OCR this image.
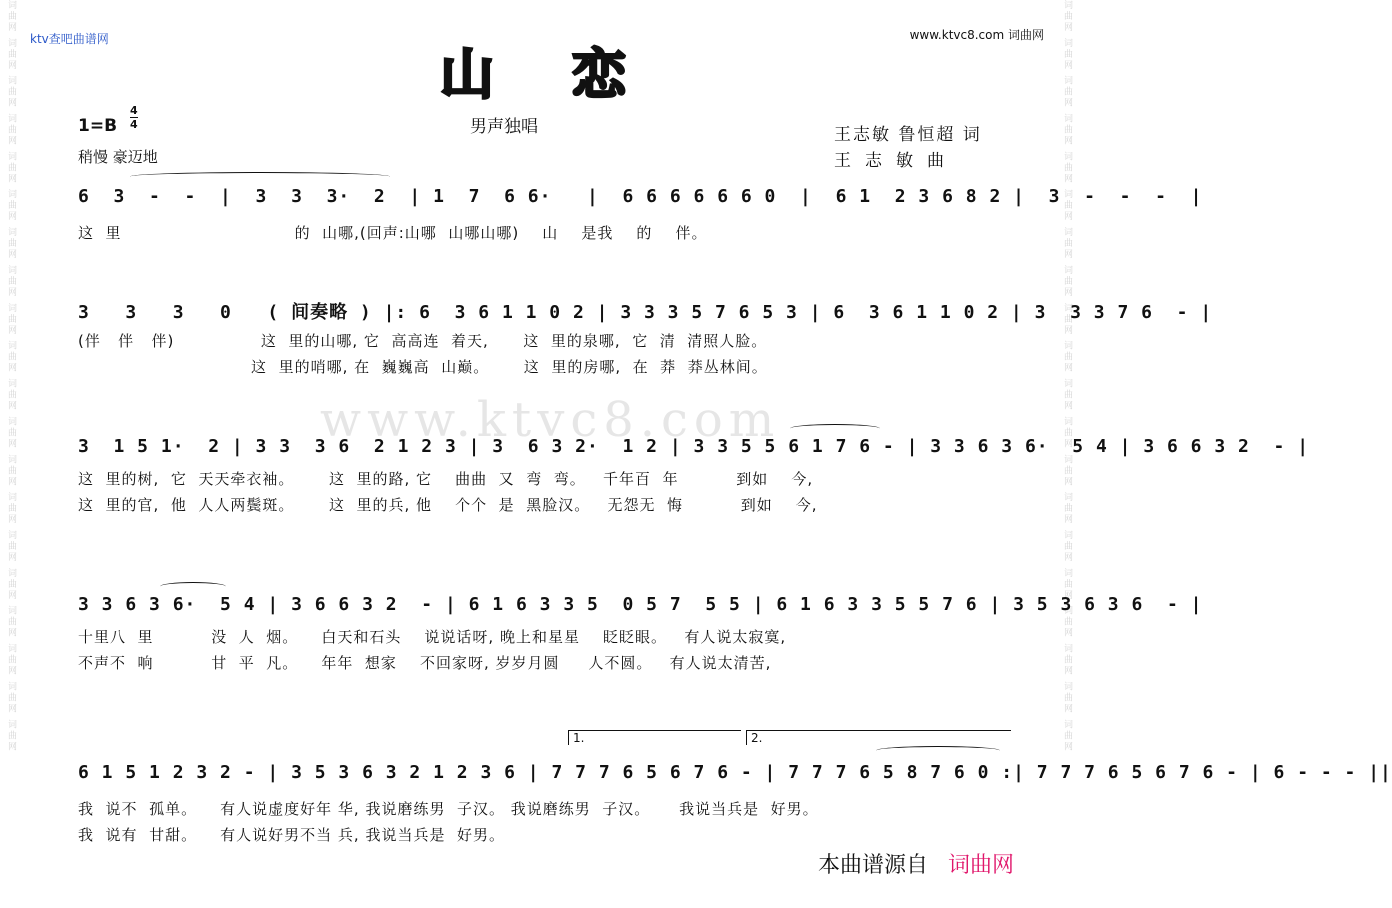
词曲网 词曲网 词曲网 词曲网 词曲网 词曲网 词曲网 词曲网 词曲网 词曲网 词曲网 词曲网 词曲网 词曲网 词曲网 词曲网 词曲网 词曲网 词曲网 词曲网	词曲网 词曲网 词曲网 词曲网 词曲网 词曲网 词曲网 词曲网 词曲网 词曲网 词曲网 词曲网 词曲网 词曲网 词曲网 词曲网 词曲网 词曲网 词曲网 词曲网
ktv查吧曲谱网	www.ktvc8.com 词曲网
山恋
男声独唱
1=B
4
4
稍慢 豪迈地
王志敏 鲁恒超 词
王志敏曲
www.ktvc8.com
6  3  -  -  |  3  3  3·  2  | 1  7  6 6·   |  6 6 6 6 6 6 0  |  6 1  2 3 6 8 2 |  3  -  -  -  |
这  里                              的  山哪,(回声:山哪  山哪山哪)    山    是我    的    伴。
3   3   3   0   ( 间奏略 ) |: 6  3 6 1 1 0 2 | 3 3 3 5 7 6 5 3 | 6  3 6 1 1 0 2 | 3  3 3 7 6  - |
(伴   伴   伴)               这  里的山哪, 它  高高连  着天,      这  里的泉哪,  它  清  清照人脸。
这  里的哨哪, 在  巍巍高  山巅。      这  里的房哪,  在  莽  莽丛林间。
3  1 5 1·  2 | 3 3  3 6  2 1 2 3 | 3  6 3 2·  1 2 | 3 3 5 5 6 1 7 6 - | 3 3 6 3 6·  5 4 | 3 6 6 3 2  - |
这  里的树,  它  天天牵衣袖。      这  里的路, 它    曲曲  又  弯  弯。   千年百  年          到如    今,
这  里的官,  他  人人两鬓斑。      这  里的兵, 他    个个  是  黑脸汉。   无怨无  悔          到如    今,
3 3 6 3 6·  5 4 | 3 6 6 3 2  - | 6 1 6 3 3 5  0 5 7  5 5 | 6 1 6 3 3 5 5 7 6 | 3 5 3 6 3 6  - |
十里八  里          没  人  烟。    白天和石头    说说话呀, 晚上和星星    眨眨眼。   有人说太寂寞,
不声不  响          甘  平  凡。    年年  想家    不回家呀, 岁岁月圆     人不圆。   有人说太清苦,
1.	2.
6 1 5 1 2 3 2 - | 3 5 3 6 3 2 1 2 3 6 | 7 7 7 6 5 6 7 6 - | 7 7 7 6 5 8 7 6 0 :| 7 7 7 6 5 6 7 6 - | 6 - - - ||
我  说不  孤单。    有人说虚度好年 华, 我说磨练男  子汉。 我说磨练男  子汉。     我说当兵是  好男。
我  说有  甘甜。    有人说好男不当 兵, 我说当兵是  好男。
本曲谱源自 词曲网
